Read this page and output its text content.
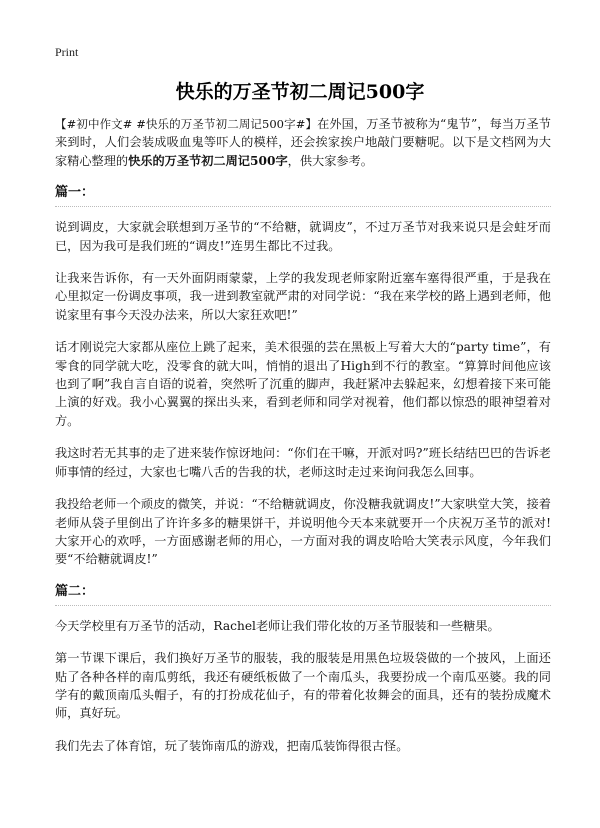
Print
快乐的万圣节初二周记500字

【#初中作文# #快乐的万圣节初二周记500字#】在外国，万圣节被称为“鬼节”，每当万圣节来到时，人们会装成吸血鬼等吓人的模样，还会挨家挨户地敲门要糖呢。以下是文档网为大家精心整理的快乐的万圣节初二周记500字，供大家参考。

篇一：

说到调皮，大家就会联想到万圣节的“不给糖，就调皮”，不过万圣节对我来说只是会蛀牙而已，因为我可是我们班的“调皮!”连男生都比不过我。

让我来告诉你，有一天外面阴雨蒙蒙，上学的我发现老师家附近塞车塞得很严重，于是我在心里拟定一份调皮事项，我一进到教室就严肃的对同学说：“我在来学校的路上遇到老师，他说家里有事今天没办法来，所以大家狂欢吧!”

话才刚说完大家都从座位上跳了起来，美术很强的芸在黑板上写着大大的“party time”，有零食的同学就大吃，没零食的就大叫，悄悄的退出了High到不行的教室。“算算时间他应该也到了啊”我自言自语的说着，突然听了沉重的脚声，我赶紧冲去躲起来，幻想着接下来可能上演的好戏。我小心翼翼的探出头来，看到老师和同学对视着，他们都以惊恐的眼神望着对方。

我这时若无其事的走了进来装作惊讶地问：“你们在干嘛，开派对吗?”班长结结巴巴的告诉老师事情的经过，大家也七嘴八舌的告我的状，老师这时走过来询问我怎么回事。

我投给老师一个顽皮的微笑，并说：“不给糖就调皮，你没糖我就调皮!”大家哄堂大笑，接着老师从袋子里倒出了许许多多的糖果饼干，并说明他今天本来就要开一个庆祝万圣节的派对!大家开心的欢呼，一方面感谢老师的用心，一方面对我的调皮哈哈大笑表示风度，今年我们要“不给糖就调皮!”

篇二：

今天学校里有万圣节的活动，Rachel老师让我们带化妆的万圣节服装和一些糖果。

第一节课下课后，我们换好万圣节的服装，我的服装是用黑色垃圾袋做的一个披风，上面还贴了各种各样的南瓜剪纸，我还有硬纸板做了一个南瓜头，我要扮成一个南瓜巫婆。我的同学有的戴顶南瓜头帽子，有的打扮成花仙子，有的带着化妆舞会的面具，还有的装扮成魔术师，真好玩。

我们先去了体育馆，玩了装饰南瓜的游戏，把南瓜装饰得很古怪。
